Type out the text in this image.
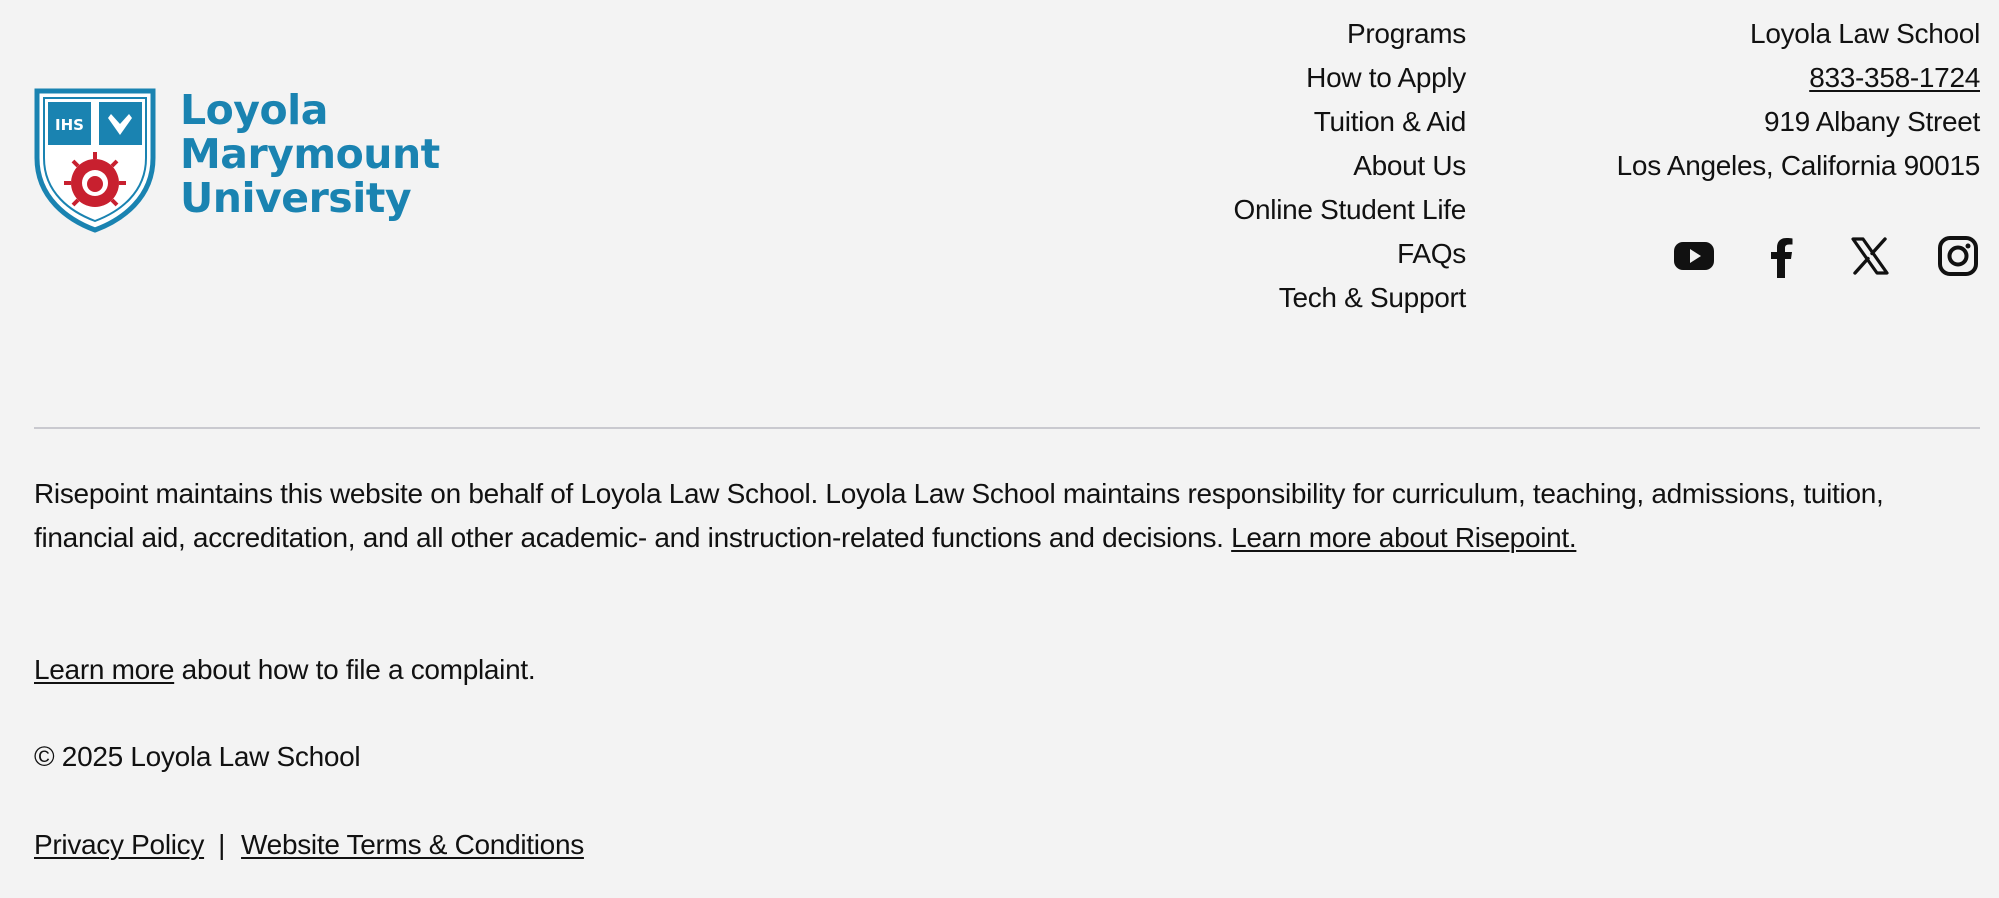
IHS Loyola
Marymount
University
Programs
How to Apply
Tuition & Aid
About Us
Online Student Life
FAQs
Tech & Support
Loyola Law School
833-358-1724
919 Albany Street
Los Angeles, California 90015
Risepoint maintains this website on behalf of Loyola Law School. Loyola Law School maintains responsibility for curriculum, teaching, admissions, tuition, financial aid, accreditation, and all other academic- and instruction-related functions and decisions. Learn more about Risepoint.
Learn more about how to file a complaint.
© 2025 Loyola Law School
Privacy Policy | Website Terms & Conditions
